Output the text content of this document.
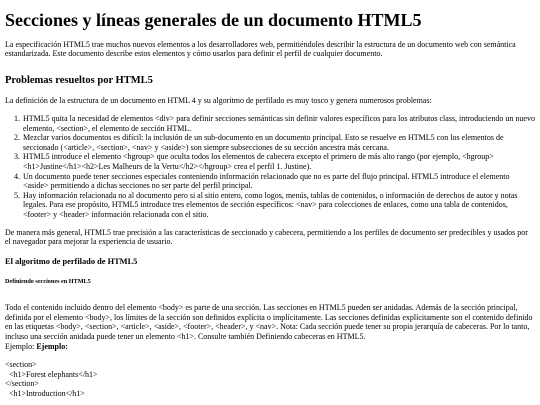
Secciones y líneas generales de un documento HTML5

La especificación HTML5 trae muchos nuevos elementos a los desarrolladores web, permitiéndoles describir la estructura de un documento web con semántica estandarizada. Este documento describe estos elementos y cómo usarlos para definir el perfil de cualquier documento.

Problemas resueltos por HTML5

La definición de la estructura de un documento en HTML 4 y su algoritmo de perfilado es muy tosco y genera numerosos problemas:

1. HTML5 quita la necesidad de elementos <div> para definir secciones semánticas sin definir valores específicos para los atributos class, introduciendo un nuevo elemento, <section>, el elemento de sección HTML.
2. Mezclar varios documentos es difícil: la inclusión de un sub-documento en un documento principal. Esto se resuelve en HTML5 con los elementos de seccionado (<article>, <section>, <nav> y <aside>) son siempre subsecciones de su sección ancestra más cercana.
3. HTML5 introduce el elemento <hgroup> que oculta todos los elementos de cabecera excepto el primero de más alto rango (por ejemplo, <hgroup><h1>Justine</h1><h2>Les Malheurs de la Vertu</h2></hgroup> crea el perfil 1. Justine).
4. Un documento puede tener secciones especiales conteniendo información relacionado que no es parte del flujo principal. HTML5 introduce el elemento <aside> permitiendo a dichas secciones no ser parte del perfil principal.
5. Hay información relacionada no al documento pero si al sitio entero, como logos, menús, tablas de contenidos, o información de derechos de autor y notas legales. Para ese propósito, HTML5 introduce tres elementos de sección específicos: <nav> para colecciones de enlaces, como una tabla de contenidos, <footer> y <header> información relacionada con el sitio.

De manera más general, HTML5 trae precisión a las características de seccionado y cabecera, permitiendo a los perfiles de documento ser predecibles y usados por el navegador para mejorar la experiencia de usuario.

El algoritmo de perfilado de HTML5
Definiendo secciones en HTML5

Todo el contenido incluido dentro del elemento <body> es parte de una sección. Las secciones en HTML5 pueden ser anidadas. Además de la sección principal, definida por el elemento <body>, los límites de la sección son definidos explícita o implícitamente. Las secciones definidas explícitamente son el contenido definido en las etiquetas <body>, <section>, <article>, <aside>, <footer>, <header>, y <nav>. Nota: Cada sección puede tener su propia jerarquía de cabeceras. Por lo tanto, incluso una sección anidada puede tener un elemento <h1>. Consulte también Definiendo cabeceras en HTML5.
Ejemplo: Ejemplo:

<section>
<h1>Forest elephants</h1>
</section>
<h1>Introduction</h1>
